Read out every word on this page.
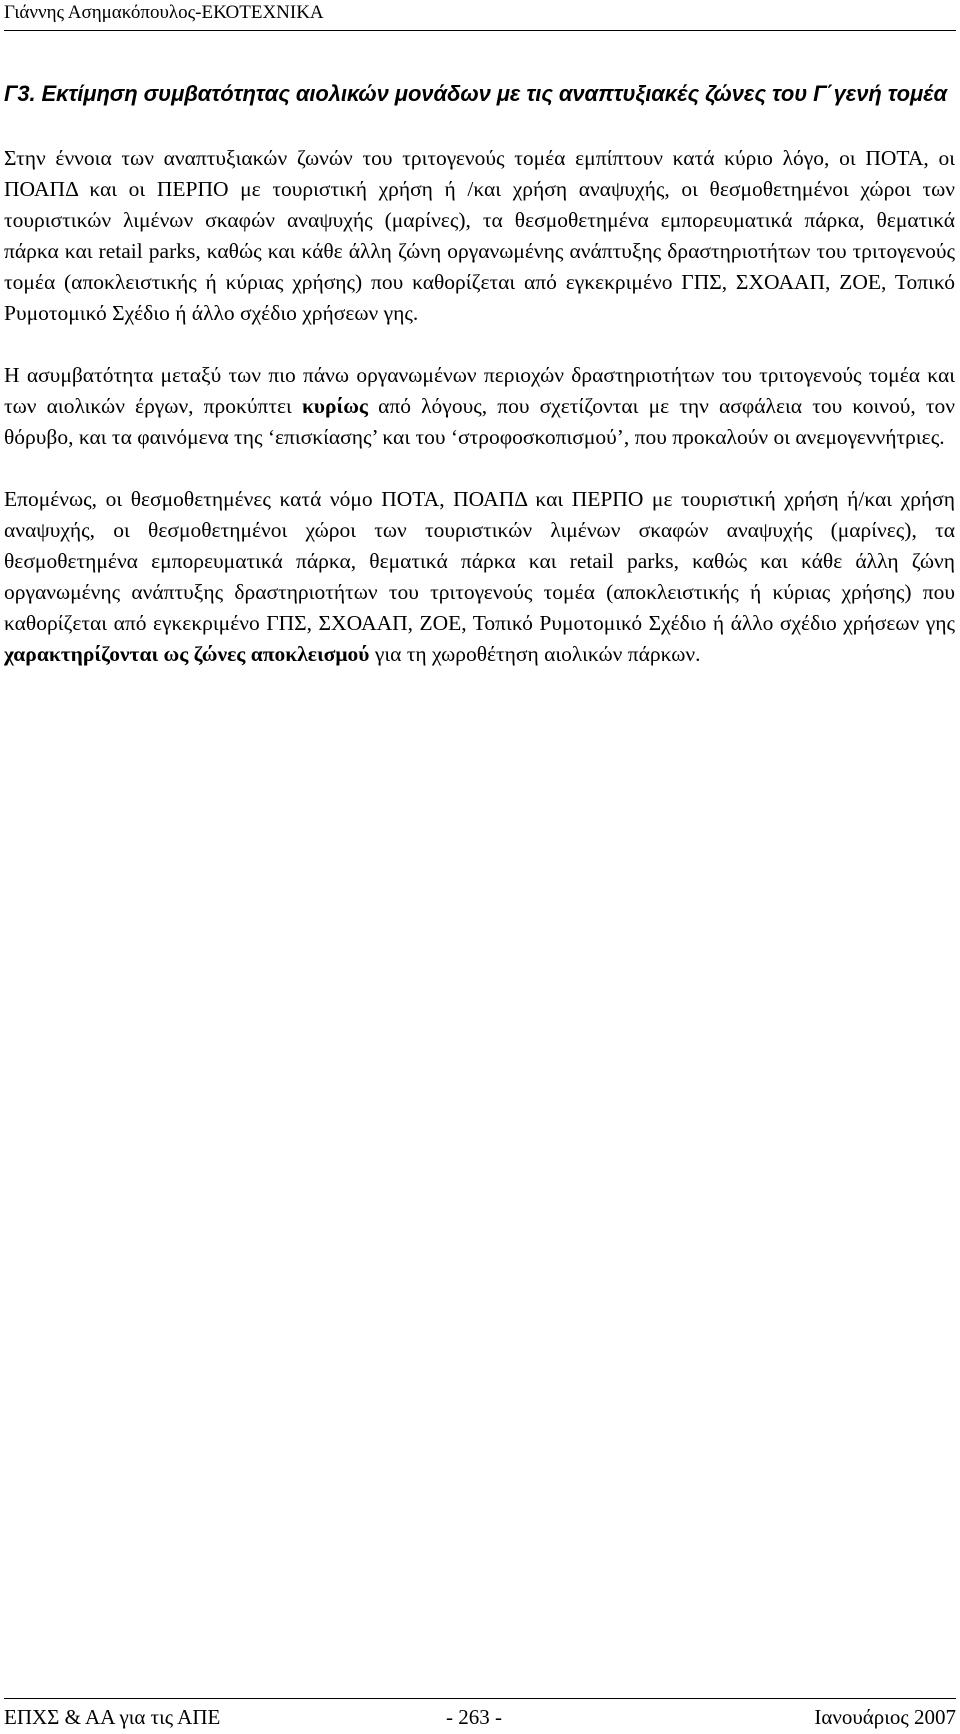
Γιάννης Ασημακόπουλος-ΕΚΟΤΕΧΝΙΚΑ
Γ3. Εκτίμηση συμβατότητας αιολικών μονάδων με τις αναπτυξιακές ζώνες του Γ΄γενή τομέα

Στην έννοια των αναπτυξιακών ζωνών του τριτογενούς τομέα εμπίπτουν κατά κύριο λόγο, οι ΠΟΤΑ, οι ΠΟΑΠΔ και οι ΠΕΡΠΟ με τουριστική χρήση ή /και χρήση αναψυχής, οι θεσμοθετημένοι χώροι των τουριστικών λιμένων σκαφών αναψυχής (μαρίνες), τα θεσμοθετημένα εμπορευματικά πάρκα, θεματικά πάρκα και retail parks, καθώς και κάθε άλλη ζώνη οργανωμένης ανάπτυξης δραστηριοτήτων του τριτογενούς τομέα (αποκλειστικής ή κύριας χρήσης) που καθορίζεται από εγκεκριμένο ΓΠΣ, ΣΧΟΑΑΠ, ΖΟΕ, Τοπικό Ρυμοτομικό Σχέδιο ή άλλο σχέδιο χρήσεων γης.

Η ασυμβατότητα μεταξύ των πιο πάνω οργανωμένων περιοχών δραστηριοτήτων του τριτογενούς τομέα και των αιολικών έργων, προκύπτει κυρίως από λόγους, που σχετίζονται με την ασφάλεια του κοινού, τον θόρυβο, και τα φαινόμενα της ‘επισκίασης’ και του ‘στροφοσκοπισμού’, που προκαλούν οι ανεμογεννήτριες.

Επομένως, οι θεσμοθετημένες κατά νόμο ΠΟΤΑ, ΠΟΑΠΔ και ΠΕΡΠΟ με τουριστική χρήση ή/και χρήση αναψυχής, οι θεσμοθετημένοι χώροι των τουριστικών λιμένων σκαφών αναψυχής (μαρίνες), τα θεσμοθετημένα εμπορευματικά πάρκα, θεματικά πάρκα και retail parks, καθώς και κάθε άλλη ζώνη οργανωμένης ανάπτυξης δραστηριοτήτων του τριτογενούς τομέα (αποκλειστικής ή κύριας χρήσης) που καθορίζεται από εγκεκριμένο ΓΠΣ, ΣΧΟΑΑΠ, ΖΟΕ, Τοπικό Ρυμοτομικό Σχέδιο ή άλλο σχέδιο χρήσεων γης χαρακτηρίζονται ως ζώνες αποκλεισμού για τη χωροθέτηση αιολικών πάρκων.

ΕΠΧΣ & ΑΑ για τις ΑΠΕ	- 263 -	Ιανουάριος 2007
